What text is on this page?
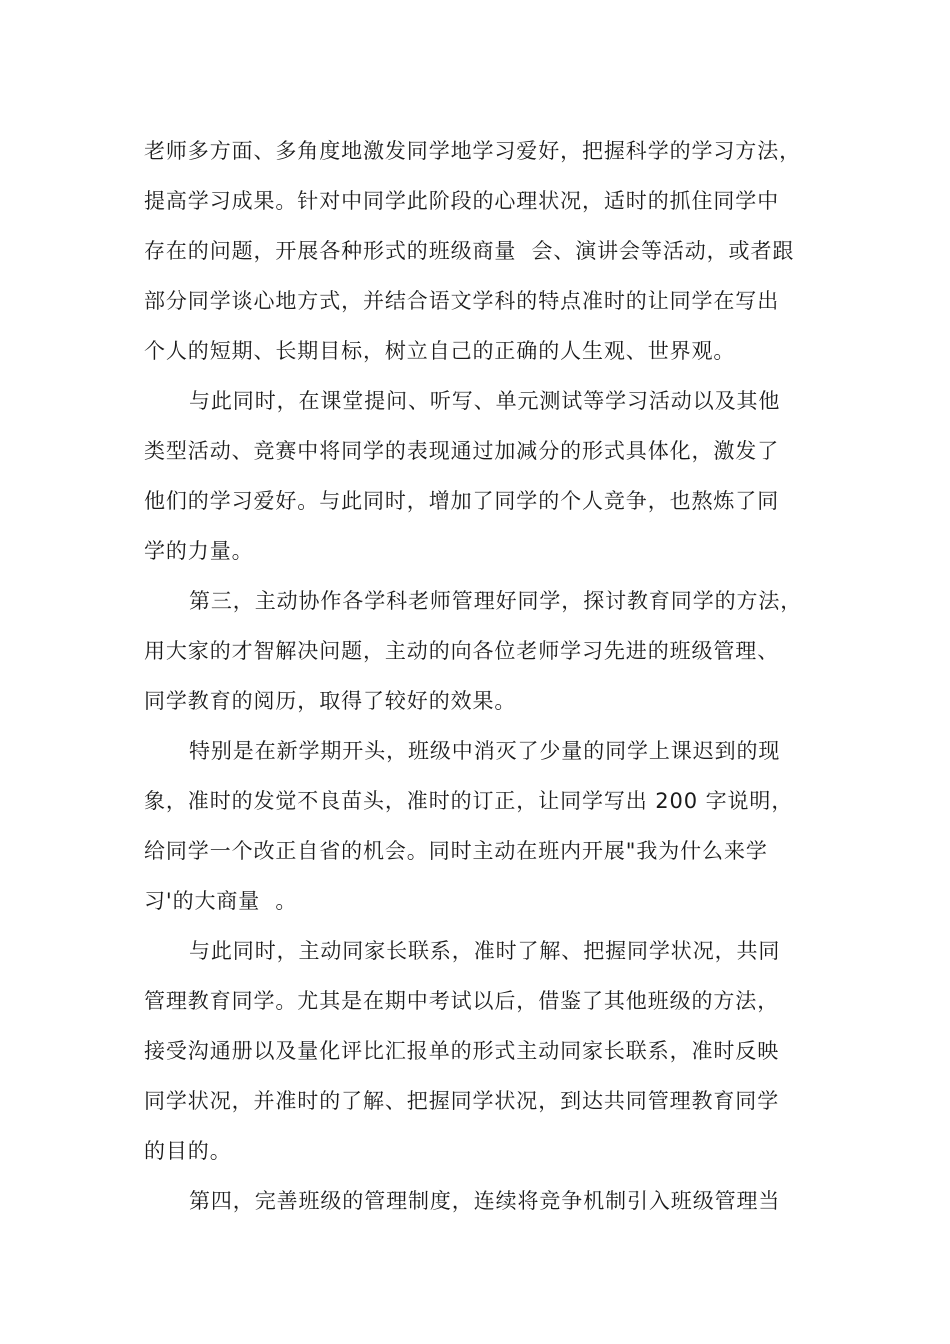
老师多方面、多角度地激发同学地学习爱好，把握科学的学习方法，
提高学习成果。针对中同学此阶段的心理状况，适时的抓住同学中
存在的问题，开展各种形式的班级商量  会、演讲会等活动，或者跟
部分同学谈心地方式，并结合语文学科的特点准时的让同学在写出
个人的短期、长期目标，树立自己的正确的人生观、世界观。
与此同时，在课堂提问、听写、单元测试等学习活动以及其他
类型活动、竞赛中将同学的表现通过加减分的形式具体化，激发了
他们的学习爱好。与此同时，增加了同学的个人竞争，也熬炼了同
学的力量。
第三，主动协作各学科老师管理好同学，探讨教育同学的方法，
用大家的才智解决问题，主动的向各位老师学习先进的班级管理、
同学教育的阅历，取得了较好的效果。
特别是在新学期开头，班级中消灭了少量的同学上课迟到的现
象，准时的发觉不良苗头，准时的订正，让同学写出 200 字说明，
给同学一个改正自省的机会。同时主动在班内开展"我为什么来学
习'的大商量  。
与此同时，主动同家长联系，准时了解、把握同学状况，共同
管理教育同学。尤其是在期中考试以后，借鉴了其他班级的方法，
接受沟通册以及量化评比汇报单的形式主动同家长联系，准时反映
同学状况，并准时的了解、把握同学状况，到达共同管理教育同学
的目的。
第四，完善班级的管理制度，连续将竞争机制引入班级管理当
